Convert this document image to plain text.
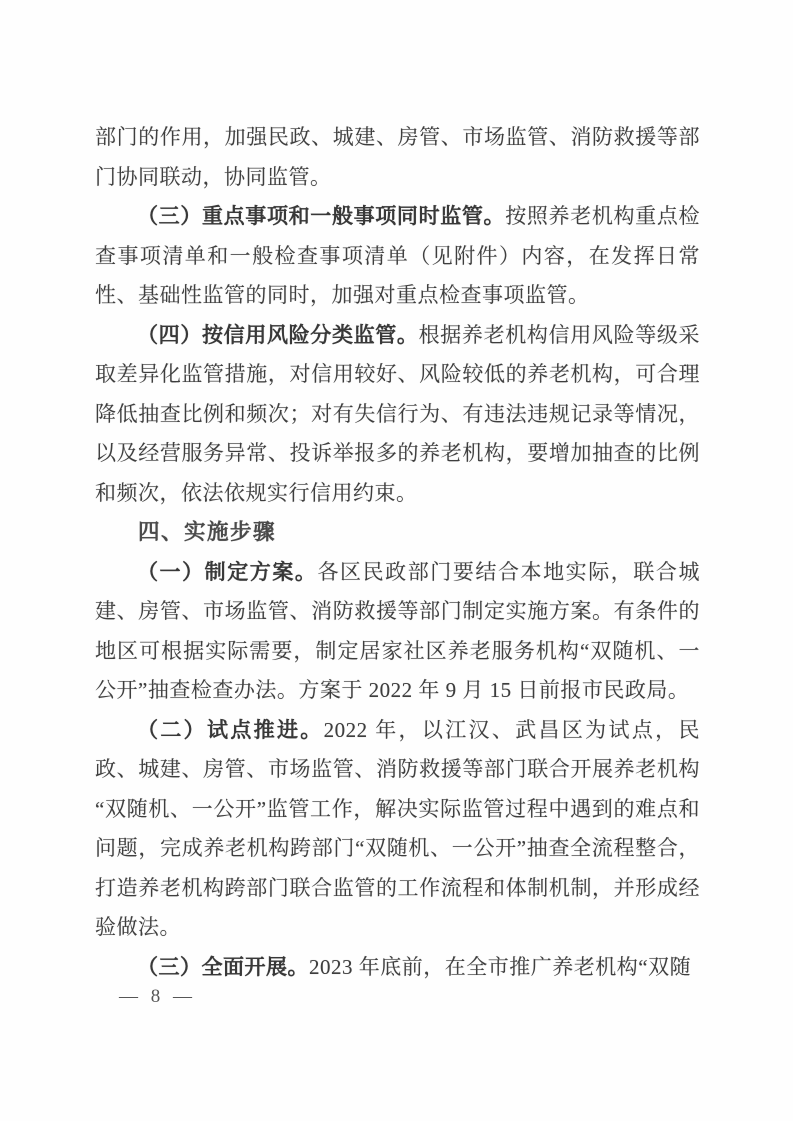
部门的作用，加强民政、城建、房管、市场监管、消防救援等部门协同联动，协同监管。

（三）重点事项和一般事项同时监管。按照养老机构重点检查事项清单和一般检查事项清单（见附件）内容，在发挥日常性、基础性监管的同时，加强对重点检查事项监管。

（四）按信用风险分类监管。根据养老机构信用风险等级采取差异化监管措施，对信用较好、风险较低的养老机构，可合理降低抽查比例和频次；对有失信行为、有违法违规记录等情况，以及经营服务异常、投诉举报多的养老机构，要增加抽查的比例和频次，依法依规实行信用约束。

四、实施步骤

（一）制定方案。各区民政部门要结合本地实际，联合城建、房管、市场监管、消防救援等部门制定实施方案。有条件的地区可根据实际需要，制定居家社区养老服务机构“双随机、一公开”抽查检查办法。方案于 2022 年 9 月 15 日前报市民政局。

（二）试点推进。2022 年，以江汉、武昌区为试点，民政、城建、房管、市场监管、消防救援等部门联合开展养老机构“双随机、一公开”监管工作，解决实际监管过程中遇到的难点和问题，完成养老机构跨部门“双随机、一公开”抽查全流程整合，打造养老机构跨部门联合监管的工作流程和体制机制，并形成经验做法。

（三）全面开展。2023 年底前，在全市推广养老机构“双随

— 8 —
